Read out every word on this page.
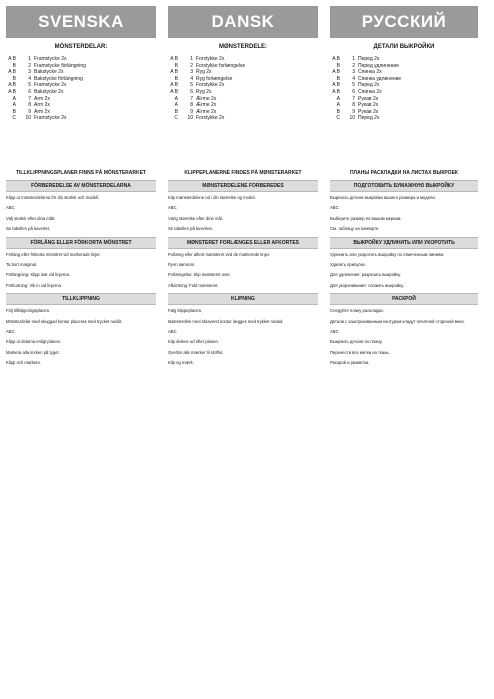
SVENSKA
MÖNSTERDELAR:
A B	1 Framstycke 2x
B	2 Framstycke förlängning
A B	3 Bakstycke 2x
B	4 Bakstycke förlängning
A B	5 Framstycke 2x
A B	6 Bakstycke 2x
A	7 Ärm 2x
A	8 Ärm 2x
B	9 Ärm 2x
C	10 Framstycke 2x
TILLKLIPPNINGSPLANER FINNS PÅ MÖNSTERARKET
FÖRBEREDELSE AV MÖNSTERDELARNA
Klipp ut mönsterdelarna för din storlek och modell.
ABC
Välj storlek efter dina mått.
Se tabellen på kuvertet.
FÖRLÄNG ELLER FÖRKORTA MÖNSTRET
Förläng eller förkorta mönstret vid markerade linjer.
Ta bort marginal.
Förlängning: Klipp isär vid linjerna.
Förkortning: Vik in vid linjerna.
TILLKLIPPNING
Följ tillklippningsplanen.
Mönsterdelar med skuggad kontur placeras med trycket nedåt.
ABC
Klipp ut delarna enligt planen.
Markera alla tecken på tyget.
Klipp och markera.
DANSK
MØNSTERDELE:
A B	1 Forstykke 2x
B	2 Forstykke forlængelse
A B	3 Ryg 2x
B	4 Ryg forlængelse
A B	5 Forstykke 2x
A B	6 Ryg 2x
A	7 Ærme 2x
A	8 Ærme 2x
B	9 Ærme 2x
C	10 Forstykke 2x
KLIPPEPLANERNE FINDES PÅ MØNSTERARKET
MØNSTERDELENE FORBEREDES
Klip mønsterdelene ud i din størrelse og model.
ABC
Vælg størrelse efter dine mål.
Se tabellen på kuverten.
MØNSTERET FORLÆNGES ELLER AFKORTES
Forlæng eller afkort mønsteret ved de markerede linjer.
Fjern sømrum.
Forlængelse: Klip mønsteret over.
Afkortning: Fold mønsteret.
KLIPNING
Følg klippeplanen.
Mønsterdele med skraveret kontur lægges med trykket nedad.
ABC
Klip delene ud efter planen.
Overfør alle mærker til stoffet.
Klip og mærk.
РУССКИЙ
ДЕТАЛИ ВЫКРОЙКИ
A B	1 Перед 2x
B	2 Перед удлинение
A B	3 Спинка 2x
B	4 Спинка удлинение
A B	5 Перед 2x
A B	6 Спинка 2x
A	7 Рукав 2x
A	8 Рукав 2x
B	9 Рукав 2x
C	10 Перед 2x
ПЛАНЫ РАСКЛАДКИ НА ЛИСТАХ ВЫКРОЕК
ПОДГОТОВИТЬ БУМАЖНУЮ ВЫКРОЙКУ
Вырезать детали выкройки вашего размера и модели.
ABC
Выберите размер по вашим меркам.
См. таблицу на конверте.
ВЫКРОЙКУ УДЛИНИТЬ ИЛИ УКОРОТИТЬ
Удлинить или укоротить выкройку по отмеченным линиям.
Удалить припуски.
Для удлинения: разрезать выкройку.
Для укорачивания: сложить выкройку.
РАСКРОЙ
Следуйте плану раскладки.
Детали с заштрихованным контуром кладут печатной стороной вниз.
ABC
Выкроить детали по плану.
Перенести все метки на ткань.
Раскрой и разметка.
